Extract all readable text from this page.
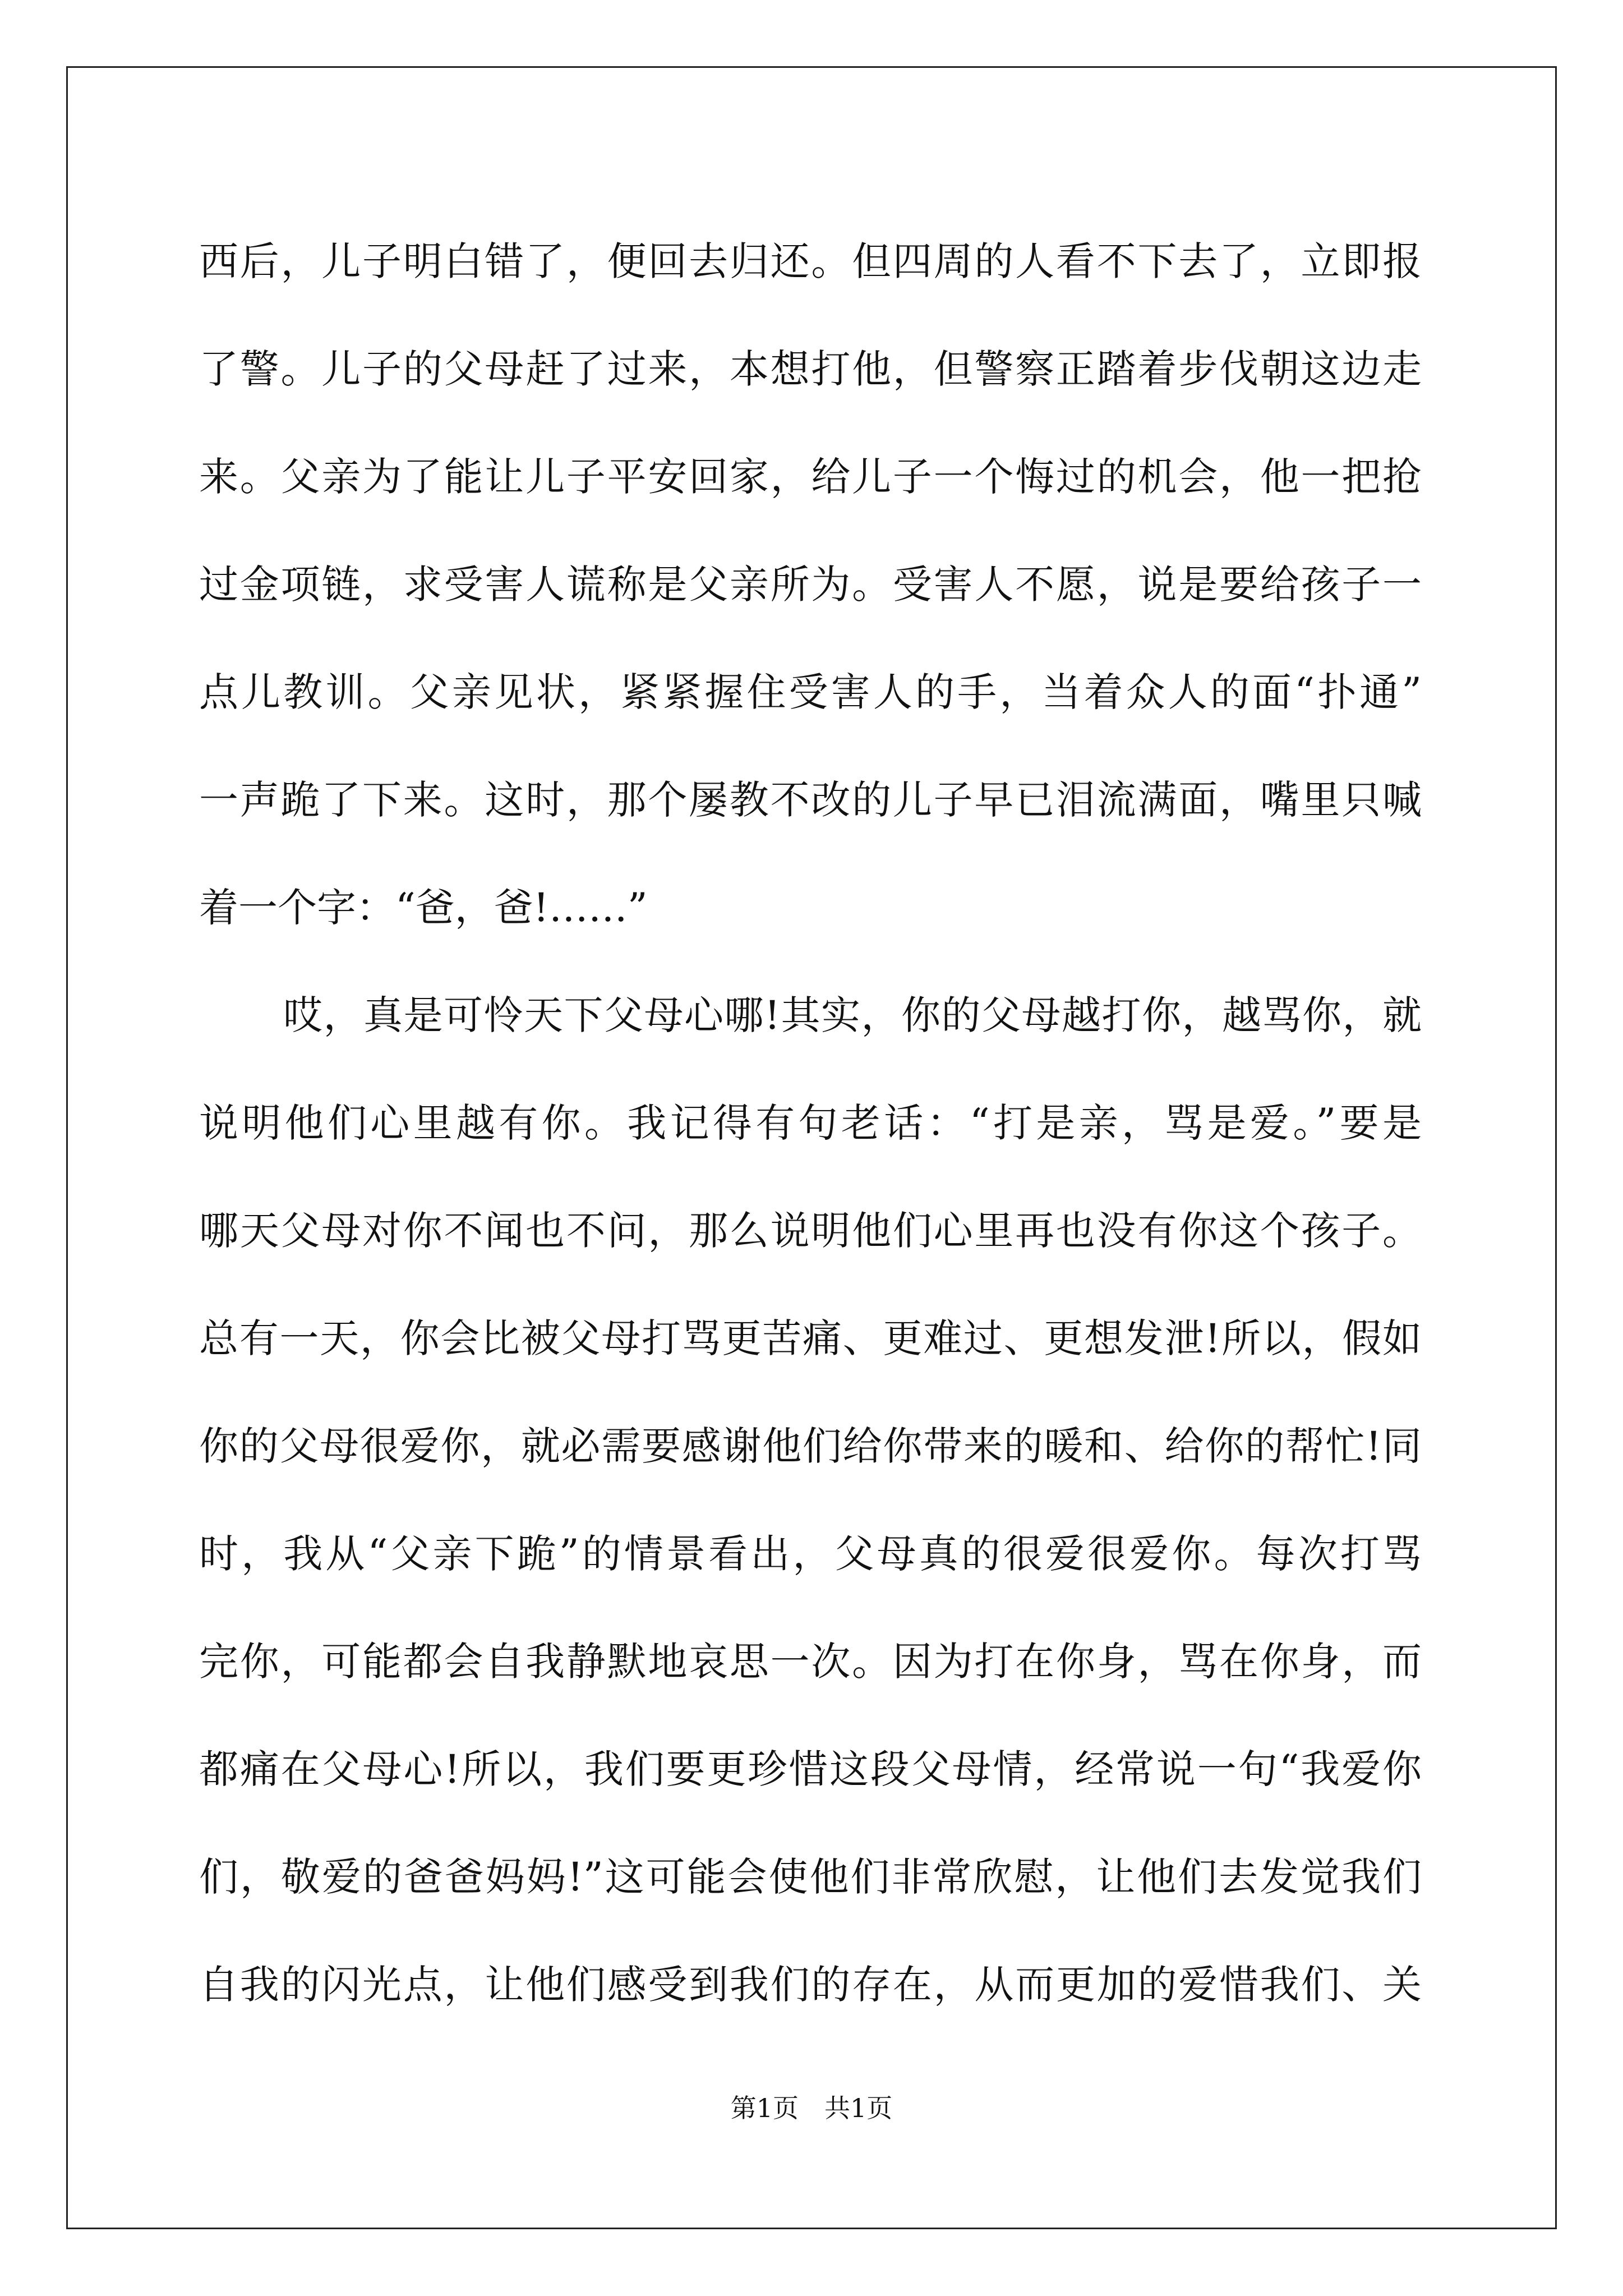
西后，儿子明白错了，便回去归还。但四周的人看不下去了，立即报
了警。儿子的父母赶了过来，本想打他，但警察正踏着步伐朝这边走
来。父亲为了能让儿子平安回家，给儿子一个悔过的机会，他一把抢
过金项链，求受害人谎称是父亲所为。受害人不愿，说是要给孩子一
点儿教训。父亲见状，紧紧握住受害人的手，当着众人的面“扑通”
一声跪了下来。这时，那个屡教不改的儿子早已泪流满面，嘴里只喊
着一个字：“爸，爸!……”
哎，真是可怜天下父母心哪!其实，你的父母越打你，越骂你，就
说明他们心里越有你。我记得有句老话：“打是亲，骂是爱。”要是
哪天父母对你不闻也不问，那么说明他们心里再也没有你这个孩子。
总有一天，你会比被父母打骂更苦痛、更难过、更想发泄!所以，假如
你的父母很爱你，就必需要感谢他们给你带来的暖和、给你的帮忙!同
时，我从“父亲下跪”的情景看出，父母真的很爱很爱你。每次打骂
完你，可能都会自我静默地哀思一次。因为打在你身，骂在你身，而
都痛在父母心!所以，我们要更珍惜这段父母情，经常说一句“我爱你
们，敬爱的爸爸妈妈!”这可能会使他们非常欣慰，让他们去发觉我们
自我的闪光点，让他们感受到我们的存在，从而更加的爱惜我们、关
第1页　共1页
